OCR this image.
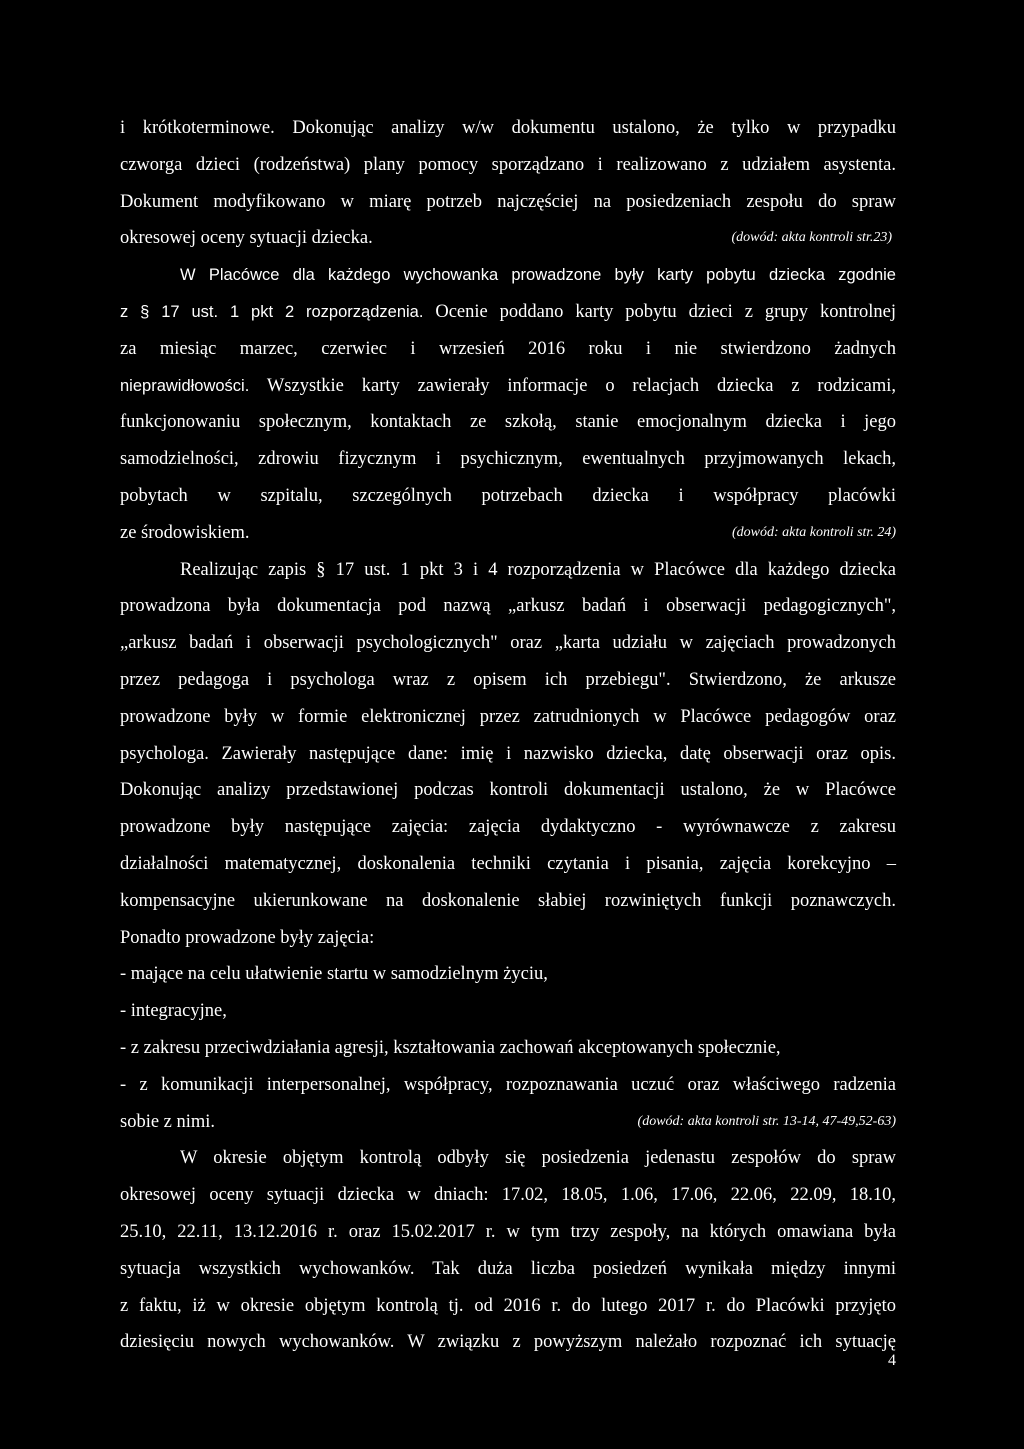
i krótkoterminowe. Dokonując analizy w/w dokumentu ustalono, że tylko w przypadku
czworga dzieci (rodzeństwa) plany pomocy sporządzano i realizowano z udziałem asystenta.
Dokument modyfikowano w miarę potrzeb najczęściej na posiedzeniach zespołu do spraw
okresowej oceny sytuacji dziecka.	(dowód: akta kontroli str.23)
W Placówce dla każdego wychowanka prowadzone były karty pobytu dziecka zgodnie
z § 17 ust. 1 pkt 2 rozporządzenia. Ocenie poddano karty pobytu dzieci z grupy kontrolnej
za miesiąc marzec, czerwiec i wrzesień 2016 roku i nie stwierdzono żadnych
nieprawidłowości. Wszystkie karty zawierały informacje o relacjach dziecka z rodzicami,
funkcjonowaniu społecznym, kontaktach ze szkołą, stanie emocjonalnym dziecka i jego
samodzielności, zdrowiu fizycznym i psychicznym, ewentualnych przyjmowanych lekach,
pobytach w szpitalu, szczególnych potrzebach dziecka i współpracy placówki
ze środowiskiem.	(dowód: akta kontroli str. 24)
Realizując zapis § 17 ust. 1 pkt 3 i 4 rozporządzenia w Placówce dla każdego dziecka
prowadzona była dokumentacja pod nazwą „arkusz badań i obserwacji pedagogicznych",
„arkusz badań i obserwacji psychologicznych" oraz „karta udziału w zajęciach prowadzonych
przez pedagoga i psychologa wraz z opisem ich przebiegu". Stwierdzono, że arkusze
prowadzone były w formie elektronicznej przez zatrudnionych w Placówce pedagogów oraz
psychologa. Zawierały następujące dane: imię i nazwisko dziecka, datę obserwacji oraz opis.
Dokonując analizy przedstawionej podczas kontroli dokumentacji ustalono, że w Placówce
prowadzone były następujące zajęcia: zajęcia dydaktyczno - wyrównawcze z zakresu
działalności matematycznej, doskonalenia techniki czytania i pisania, zajęcia korekcyjno –
kompensacyjne ukierunkowane na doskonalenie słabiej rozwiniętych funkcji poznawczych.
Ponadto prowadzone były zajęcia:
- mające na celu ułatwienie startu w samodzielnym życiu,
- integracyjne,
- z zakresu przeciwdziałania agresji, kształtowania zachowań akceptowanych społecznie,
- z komunikacji interpersonalnej, współpracy, rozpoznawania uczuć oraz właściwego radzenia
sobie z nimi.	(dowód: akta kontroli str. 13-14, 47-49,52-63)
W okresie objętym kontrolą odbyły się posiedzenia jedenastu zespołów do spraw
okresowej oceny sytuacji dziecka w dniach: 17.02, 18.05, 1.06, 17.06, 22.06, 22.09, 18.10,
25.10, 22.11, 13.12.2016 r. oraz 15.02.2017 r. w tym trzy zespoły, na których omawiana była
sytuacja wszystkich wychowanków. Tak duża liczba posiedzeń wynikała między innymi
z faktu, iż w okresie objętym kontrolą tj. od 2016 r. do lutego 2017 r. do Placówki przyjęto
dziesięciu nowych wychowanków. W związku z powyższym należało rozpoznać ich sytuację
4
